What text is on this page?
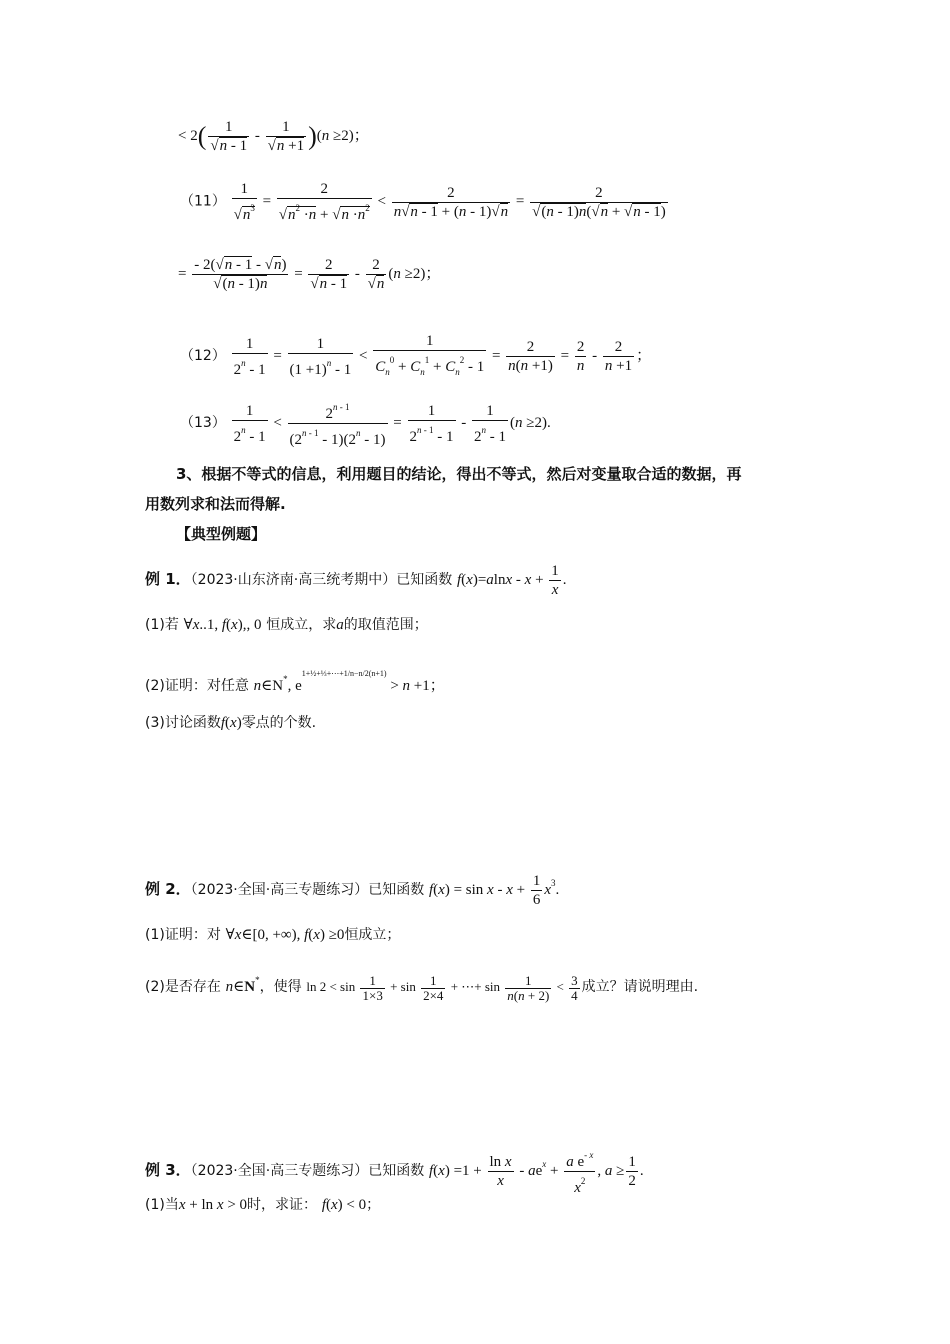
< 2( 1
√ n - 1 - 1
√ n +1 )(n ≥2)；
（11） 1
√ $n^3 = 2$
√ $n^2 \cdot n$ + √ $n \cdot n^2 < \frac{2}{n √ n - 1 + (n - 1) √ n} = 2$
√ (n - 1)n( √ n + √ n - 1)
= - 2( √ n - 1 - √ n)
√ (n - 1)n = 2
√ n - 1 - 2
√ n (n ≥2)；
$(12) \frac{1}{2^n - 1} = \frac{1}{(1 +1)^n - 1} < \frac{1}{C_n^0 + C_n^1 + C_n^2 - 1} = \frac{2}{n(n +1)} = \frac{2}{n} - \frac{2}{n +1}$ ；
$(13) \frac{1}{2^n - 1} < \frac{2^{n - 1}}{(2^{n - 1} - 1)(2^n - 1)} = \frac{1}{2^{n - 1} - 1} - \frac{1}{2^n - 1} (n \ge 2)$.
3、根据不等式的信息，利用题目的结论，得出不等式，然后对变量取合适的数据，再
用数列求和法而得解.
【典型例题】
例 1．（2023·山东济南·高三统考期中）已知函数 $f(x)=alnx - x + \frac{1}{x}$ .
(1)若 ∀x..1, f(x),, 0 恒成立，求a的取值范围；
(2)证明：对任意 n∈N*, $e^{1+\frac{1}{2}+\frac{1}{3}+\cdots+1/n-n/2(n+1)} > n +1$；
(3)讨论函数f(x)零点的个数.
例 2．（2023·全国·高三专题练习）已知函数 $f(x) = \sin x - x + \frac{1}{6} x^3$.
(1)证明：对 ∀x∈[0, +∞), f(x) ≥0恒成立；
(2)是否存在 n∈N*，使得 $\ln 2 < \sin \frac{1}{1\times 3} + \sin \frac{1}{2\times 4}$ + ⋯+ $\sin \frac{1}{n(n + 2)} < \frac{3}{4}$ 成立？请说明理由.
例 3．（2023·全国·高三专题练习）已知函数 $f(x) =1 + \frac{\text{ln x}}{x} - ae^x + \frac{a e^{- x}}{x^2}$ , $a \ge \frac{1}{2}$ .
(1)当x + ln x > 0时，求证： f(x) < 0；
